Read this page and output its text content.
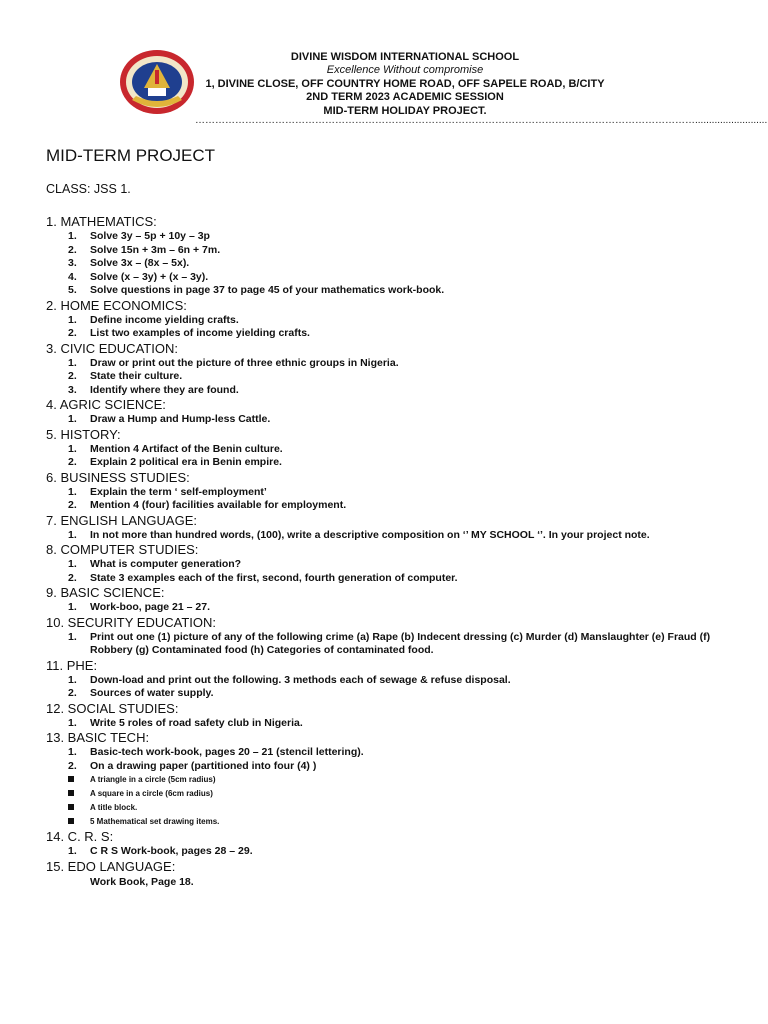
DIVINE WISDOM INTERNATIONAL SCHOOL
Excellence Without compromise
1, DIVINE CLOSE, OFF COUNTRY HOME ROAD, OFF SAPELE ROAD, B/CITY
2ND TERM 2023 ACADEMIC SESSION
MID-TERM HOLIDAY PROJECT.
……………………………………………………………………………………………………………………………………..........................
MID-TERM PROJECT
CLASS: JSS 1.
1. MATHEMATICS:
1. Solve 3y – 5p + 10y – 3p
2. Solve 15n + 3m – 6n + 7m.
3. Solve 3x – (8x – 5x).
4. Solve (x – 3y) + (x – 3y).
5. Solve questions in page 37 to page 45 of your mathematics work-book.
2. HOME ECONOMICS:
1. Define income yielding crafts.
2. List two examples of income yielding crafts.
3. CIVIC EDUCATION:
1. Draw or print out the picture of three ethnic groups in Nigeria.
2. State their culture.
3. Identify where they are found.
4. AGRIC SCIENCE:
1. Draw a Hump and Hump-less Cattle.
5. HISTORY:
1. Mention 4 Artifact of the Benin culture.
2. Explain 2 political era in Benin empire.
6. BUSINESS STUDIES:
1. Explain the term ‘ self-employment’
2. Mention 4 (four) facilities available for employment.
7. ENGLISH LANGUAGE:
1. In not more than hundred words, (100), write a descriptive composition on ‘’ MY SCHOOL ‘’. In your project note.
8. COMPUTER STUDIES:
1. What is computer generation?
2. State 3 examples each of the first, second, fourth generation of computer.
9. BASIC SCIENCE:
1. Work-boo, page 21 – 27.
10. SECURITY EDUCATION:
1. Print out one (1) picture of any of the following crime (a) Rape (b) Indecent dressing (c) Murder (d) Manslaughter (e) Fraud (f) Robbery (g) Contaminated food (h) Categories of contaminated food.
11. PHE:
1. Down-load and print out the following. 3 methods each of sewage & refuse disposal.
2. Sources of water supply.
12. SOCIAL STUDIES:
1. Write 5 roles of road safety club in Nigeria.
13. BASIC TECH:
1. Basic-tech work-book, pages 20 – 21 (stencil lettering).
2. On a drawing paper (partitioned into four (4) )
A triangle in a circle (5cm radius)
A square in a circle (6cm radius)
A title block.
5 Mathematical set drawing items.
14. C. R. S:
1. C R S Work-book, pages 28 – 29.
15. EDO LANGUAGE:
Work Book, Page 18.
